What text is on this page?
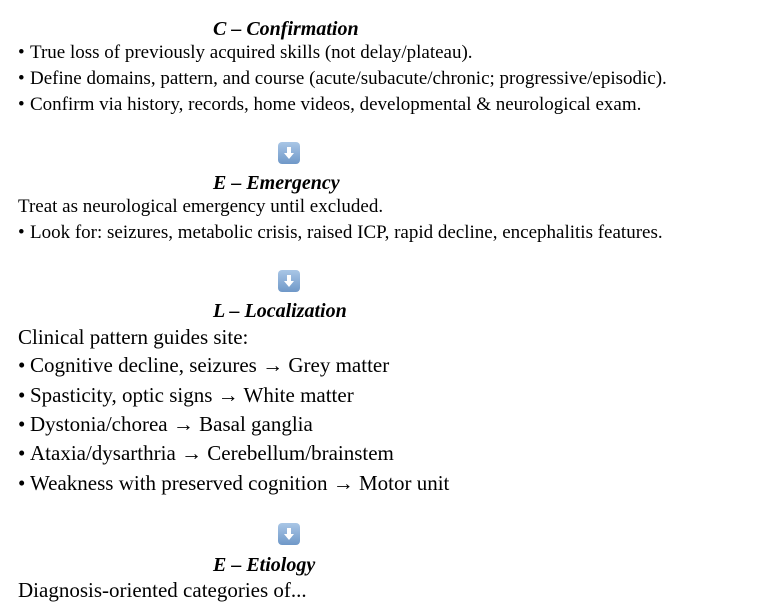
C – Confirmation
• True loss of previously acquired skills (not delay/plateau).
• Define domains, pattern, and course (acute/subacute/chronic; progressive/episodic).
• Confirm via history, records, home videos, developmental & neurological exam.
E – Emergency
Treat as neurological emergency until excluded.
• Look for: seizures, metabolic crisis, raised ICP, rapid decline, encephalitis features.
L – Localization
Clinical pattern guides site:
• Cognitive decline, seizures → Grey matter
• Spasticity, optic signs → White matter
• Dystonia/chorea → Basal ganglia
• Ataxia/dysarthria → Cerebellum/brainstem
• Weakness with preserved cognition → Motor unit
E – Etiology
Diagnosis-oriented categories of...
